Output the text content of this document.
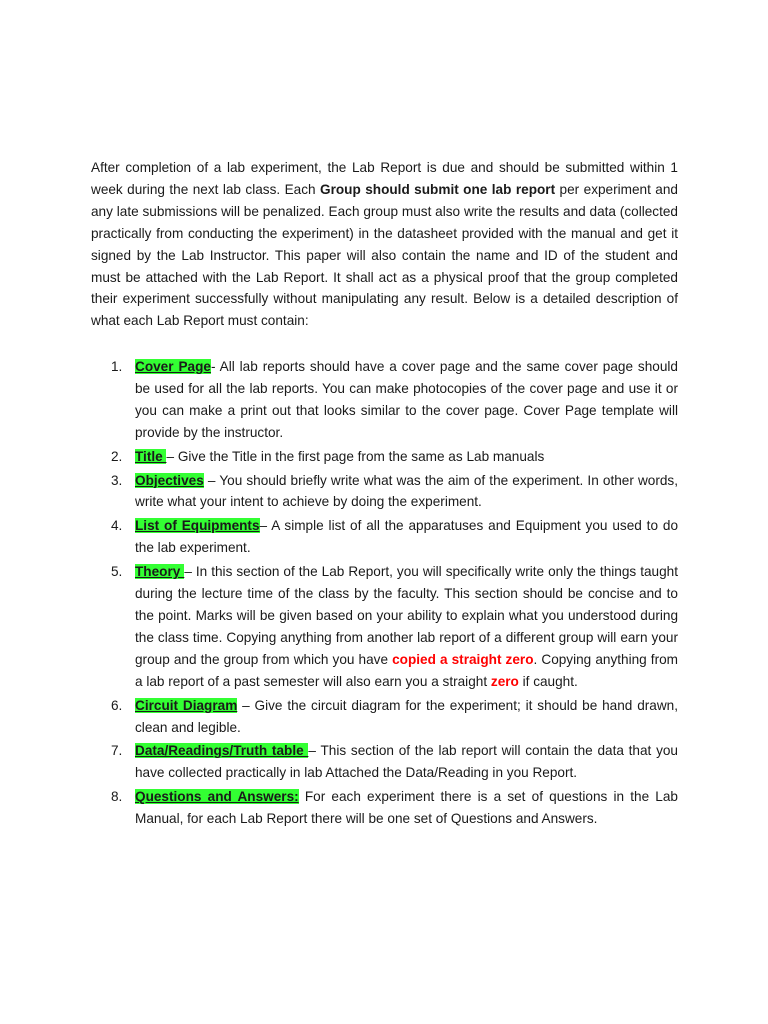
After completion of a lab experiment, the Lab Report is due and should be submitted within 1 week during the next lab class. Each Group should submit one lab report per experiment and any late submissions will be penalized. Each group must also write the results and data (collected practically from conducting the experiment) in the datasheet provided with the manual and get it signed by the Lab Instructor. This paper will also contain the name and ID of the student and must be attached with the Lab Report. It shall act as a physical proof that the group completed their experiment successfully without manipulating any result. Below is a detailed description of what each Lab Report must contain:

1. Cover Page- All lab reports should have a cover page and the same cover page should be used for all the lab reports. You can make photocopies of the cover page and use it or you can make a print out that looks similar to the cover page. Cover Page template will provide by the instructor.
2. Title – Give the Title in the first page from the same as Lab manuals
3. Objectives – You should briefly write what was the aim of the experiment. In other words, write what your intent to achieve by doing the experiment.
4. List of Equipments– A simple list of all the apparatuses and Equipment you used to do the lab experiment.
5. Theory – In this section of the Lab Report, you will specifically write only the things taught during the lecture time of the class by the faculty. This section should be concise and to the point. Marks will be given based on your ability to explain what you understood during the class time. Copying anything from another lab report of a different group will earn your group and the group from which you have copied a straight zero. Copying anything from a lab report of a past semester will also earn you a straight zero if caught.
6. Circuit Diagram – Give the circuit diagram for the experiment; it should be hand drawn, clean and legible.
7. Data/Readings/Truth table – This section of the lab report will contain the data that you have collected practically in lab Attached the Data/Reading in you Report.
8. Questions and Answers: For each experiment there is a set of questions in the Lab Manual, for each Lab Report there will be one set of Questions and Answers.
